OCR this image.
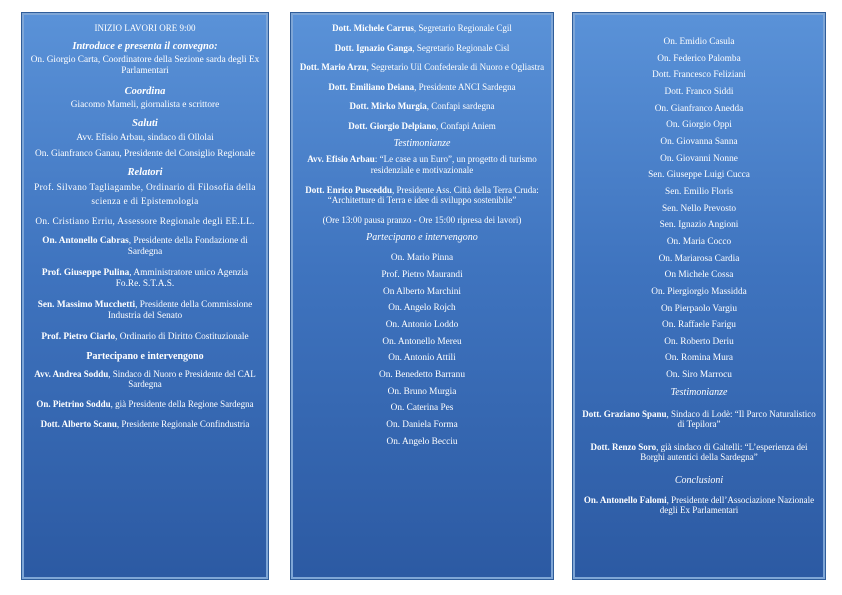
INIZIO LAVORI ORE 9:00
Introduce e presenta il convegno:
On. Giorgio Carta, Coordinatore della Sezione sarda degli Ex Parlamentari
Coordina
Giacomo Mameli, giornalista e scrittore
Saluti
Avv. Efisio Arbau, sindaco di Ollolai
On. Gianfranco Ganau, Presidente del Consiglio Regionale
Relatori
Prof. Silvano Tagliagambe, Ordinario di Filosofia della scienza e di Epistemologia
On. Cristiano Erriu, Assessore Regionale degli EE.LL.
On. Antonello Cabras, Presidente della Fondazione di Sardegna
Prof. Giuseppe Pulina, Amministratore unico Agenzia Fo.Re. S.T.A.S.
Sen. Massimo Mucchetti, Presidente della Commissione Industria del Senato
Prof. Pietro Ciarlo, Ordinario di Diritto Costituzionale
Partecipano e intervengono
Avv. Andrea Soddu, Sindaco di Nuoro e Presidente del CAL Sardegna
On. Pietrino Soddu, già Presidente della Regione Sardegna
Dott. Alberto Scanu, Presidente Regionale Confindustria
Dott. Michele Carrus, Segretario Regionale Cgil
Dott. Ignazio Ganga, Segretario Regionale Cisl
Dott. Mario Arzu, Segretario Uil Confederale di Nuoro e Ogliastra
Dott. Emiliano Deiana, Presidente ANCI Sardegna
Dott. Mirko Murgia, Confapi sardegna
Dott. Giorgio Delpiano, Confapi Aniem
Testimonianze
Avv. Efisio Arbau: “Le case a un Euro”, un progetto di turismo residenziale e motivazionale
Dott. Enrico Pusceddu, Presidente Ass. Città della Terra Cruda: “Architetture di Terra e idee di sviluppo sostenibile”
(Ore 13:00 pausa pranzo - Ore 15:00 ripresa dei lavori)
Partecipano e intervengono
On. Mario Pinna
Prof. Pietro Maurandi
On Alberto Marchini
On. Angelo Rojch
On. Antonio Loddo
On. Antonello Mereu
On. Antonio Attili
On. Benedetto Barranu
On. Bruno Murgia
On. Caterina Pes
On. Daniela Forma
On. Angelo Becciu
On. Emidio Casula
On. Federico Palomba
Dott. Francesco Feliziani
Dott. Franco Siddi
On. Gianfranco Anedda
On. Giorgio Oppi
On. Giovanna Sanna
On. Giovanni Nonne
Sen. Giuseppe Luigi Cucca
Sen. Emilio Floris
Sen. Nello Prevosto
Sen. Ignazio Angioni
On. Maria Cocco
On. Mariarosa Cardia
On Michele Cossa
On. Piergiorgio Massidda
On Pierpaolo Vargiu
On. Raffaele Farigu
On. Roberto Deriu
On. Romina Mura
On. Siro Marrocu
Testimonianze
Dott. Graziano Spanu, Sindaco di Lodè: “Il Parco Naturalistico di Tepilora”
Dott. Renzo Soro, già sindaco di Galtelli: “L’esperienza dei Borghi autentici della Sardegna”
Conclusioni
On. Antonello Falomi, Presidente dell’Associazione Nazionale degli Ex Parlamentari
